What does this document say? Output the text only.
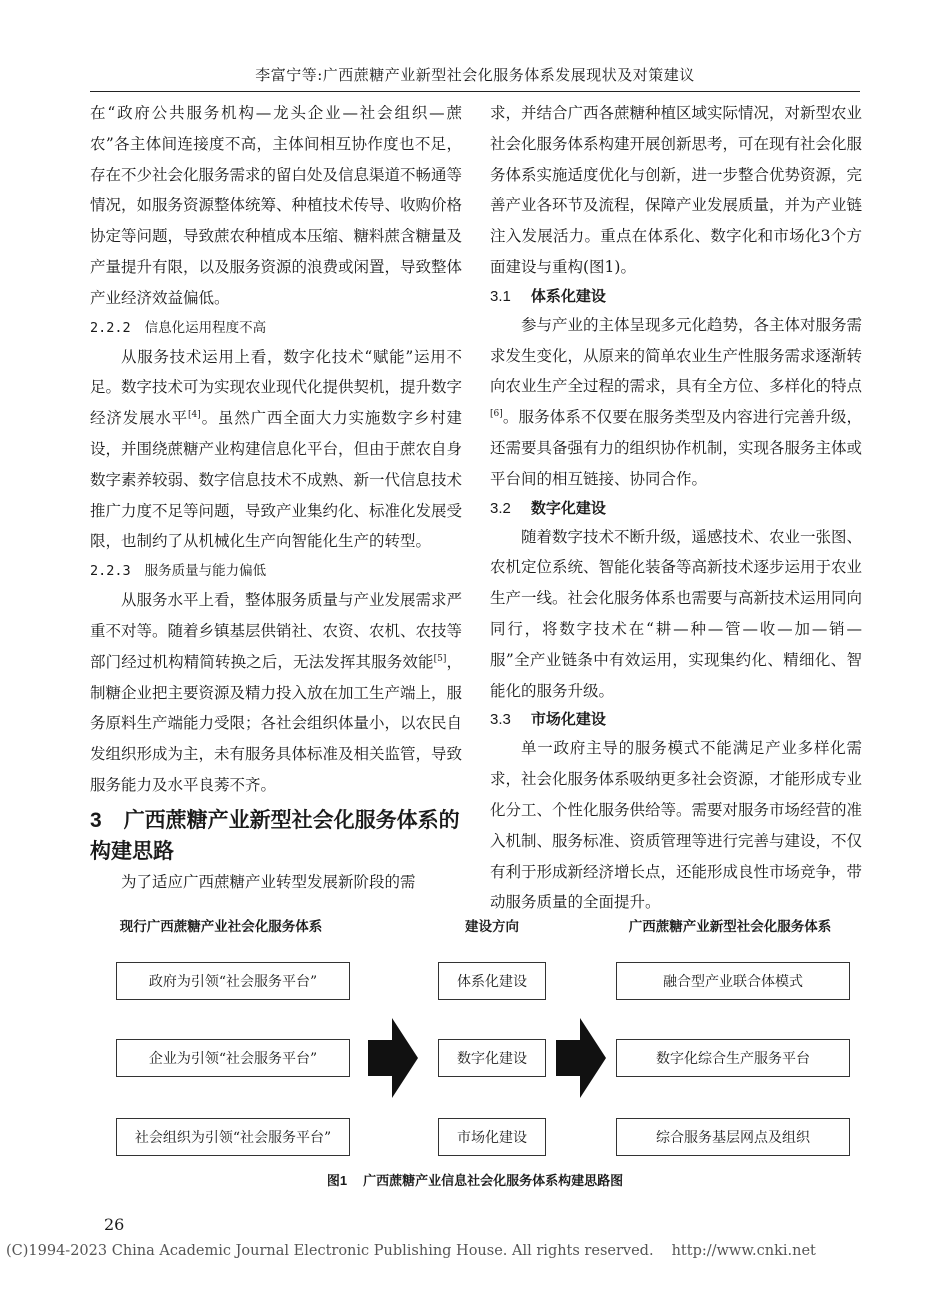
李富宁等:广西蔗糖产业新型社会化服务体系发展现状及对策建议

在“政府公共服务机构—龙头企业—社会组织—蔗农”各主体间连接度不高，主体间相互协作度也不足，存在不少社会化服务需求的留白处及信息渠道不畅通等情况，如服务资源整体统筹、种植技术传导、收购价格协定等问题，导致蔗农种植成本压缩、糖料蔗含糖量及产量提升有限，以及服务资源的浪费或闲置，导致整体产业经济效益偏低。

2.2.2 信息化运用程度不高

从服务技术运用上看，数字化技术“赋能”运用不足。数字技术可为实现农业现代化提供契机，提升数字经济发展水平[4]。虽然广西全面大力实施数字乡村建设，并围绕蔗糖产业构建信息化平台，但由于蔗农自身数字素养较弱、数字信息技术不成熟、新一代信息技术推广力度不足等问题，导致产业集约化、标准化发展受限，也制约了从机械化生产向智能化生产的转型。

2.2.3 服务质量与能力偏低

从服务水平上看，整体服务质量与产业发展需求严重不对等。随着乡镇基层供销社、农资、农机、农技等部门经过机构精简转换之后，无法发挥其服务效能[5]，制糖企业把主要资源及精力投入放在加工生产端上，服务原料生产端能力受限；各社会组织体量小，以农民自发组织形成为主，未有服务具体标准及相关监管，导致服务能力及水平良莠不齐。

3 广西蔗糖产业新型社会化服务体系的构建思路

为了适应广西蔗糖产业转型发展新阶段的需

求，并结合广西各蔗糖种植区域实际情况，对新型农业社会化服务体系构建开展创新思考，可在现有社会化服务体系实施适度优化与创新，进一步整合优势资源，完善产业各环节及流程，保障产业发展质量，并为产业链注入发展活力。重点在体系化、数字化和市场化3个方面建设与重构(图1)。

3.1 体系化建设

参与产业的主体呈现多元化趋势，各主体对服务需求发生变化，从原来的简单农业生产性服务需求逐渐转向农业生产全过程的需求，具有全方位、多样化的特点[6]。服务体系不仅要在服务类型及内容进行完善升级，还需要具备强有力的组织协作机制，实现各服务主体或平台间的相互链接、协同合作。

3.2 数字化建设

随着数字技术不断升级，遥感技术、农业一张图、农机定位系统、智能化装备等高新技术逐步运用于农业生产一线。社会化服务体系也需要与高新技术运用同向同行，将数字技术在“耕—种—管—收—加—销—服”全产业链条中有效运用，实现集约化、精细化、智能化的服务升级。

3.3 市场化建设

单一政府主导的服务模式不能满足产业多样化需求，社会化服务体系吸纳更多社会资源，才能形成专业化分工、个性化服务供给等。需要对服务市场经营的准入机制、服务标准、资质管理等进行完善与建设，不仅有利于形成新经济增长点，还能形成良性市场竞争，带动服务质量的全面提升。

现行广西蔗糖产业社会化服务体系	建设方向	广西蔗糖产业新型社会化服务体系
政府为引领“社会服务平台”
企业为引领“社会服务平台”
社会组织为引领“社会服务平台”
体系化建设
数字化建设
市场化建设
融合型产业联合体模式
数字化综合生产服务平台
综合服务基层网点及组织
图1 广西蔗糖产业信息社会化服务体系构建思路图
26
(C)1994-2023 China Academic Journal Electronic Publishing House. All rights reserved. http://www.cnki.net
